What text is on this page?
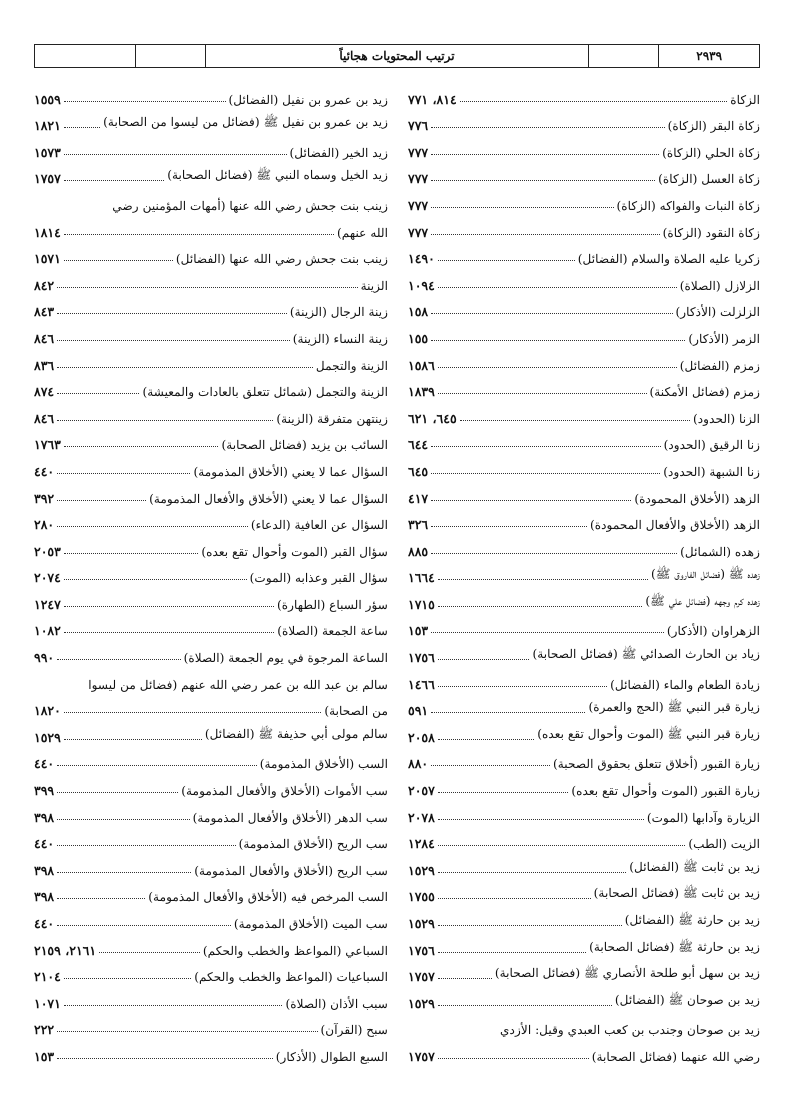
ترتيب المحتويات هجائياً	٢٩٣٩
الزكاة
٨١٤، ٧٧١
زكاة البقر (الزكاة)
٧٧٦
زكاة الحلي (الزكاة)
٧٧٧
زكاة العسل (الزكاة)
٧٧٧
زكاة النبات والفواكه (الزكاة)
٧٧٧
زكاة النقود (الزكاة)
٧٧٧
زكريا عليه الصلاة والسلام (الفضائل)
١٤٩٠
الزلازل (الصلاة)
١٠٩٤
الزلزلت (الأذكار)
١٥٨
الزمر (الأذكار)
١٥٥
زمزم (الفضائل)
١٥٨٦
زمزم (فضائل الأمكنة)
١٨٣٩
الزنا (الحدود)
٦٤٥، ٦٢١
زنا الرقيق (الحدود)
٦٤٤
زنا الشبهة (الحدود)
٦٤٥
الزهد (الأخلاق المحمودة)
٤١٧
الزهد (الأخلاق والأفعال المحمودة)
٣٢٦
زهده (الشمائل)
٨٨٥
زهده ﷺ (فضائل الفاروق ﷺ)
١٦٦٤
زهده كرم وجهه (فضائل علي ﷺ)
١٧١٥
الزهراوان (الأذكار)
١٥٣
زياد بن الحارث الصدائي ﷺ (فضائل الصحابة)
١٧٥٦
زيادة الطعام والماء (الفضائل)
١٤٦٦
زيارة قبر النبي ﷺ (الحج والعمرة)
٥٩١
زيارة قبر النبي ﷺ (الموت وأحوال تقع بعده)
٢٠٥٨
زيارة القبور (أخلاق تتعلق بحقوق الصحبة)
٨٨٠
زيارة القبور (الموت وأحوال تقع بعده)
٢٠٥٧
الزيارة وآدابها (الموت)
٢٠٧٨
الزيت (الطب)
١٢٨٤
زيد بن ثابت ﷺ (الفضائل)
١٥٢٩
زيد بن ثابت ﷺ (فضائل الصحابة)
١٧٥٥
زيد بن حارثة ﷺ (الفضائل)
١٥٢٩
زيد بن حارثة ﷺ (فضائل الصحابة)
١٧٥٦
زيد بن سهل أبو طلحة الأنصاري ﷺ (فضائل الصحابة)
١٧٥٧
زيد بن صوحان ﷺ (الفضائل)
١٥٢٩
زيد بن صوحان وجندب بن كعب العبدي وقيل: الأزدي
رضي الله عنهما (فضائل الصحابة)
١٧٥٧
زيد بن عمرو بن نفيل (الفضائل)
١٥٥٩
زيد بن عمرو بن نفيل ﷺ (فضائل من ليسوا من الصحابة)
١٨٢١
زيد الخير (الفضائل)
١٥٧٣
زيد الخيل وسماه النبي ﷺ (فضائل الصحابة)
١٧٥٧
زينب بنت جحش رضي الله عنها (أمهات المؤمنين رضي
الله عنهم)
١٨١٤
زينب بنت جحش رضي الله عنها (الفضائل)
١٥٧١
الزينة
٨٤٢
زينة الرجال (الزينة)
٨٤٣
زينة النساء (الزينة)
٨٤٦
الزينة والتجمل
٨٣٦
الزينة والتجمل (شمائل تتعلق بالعادات والمعيشة)
٨٧٤
زينتهن متفرقة (الزينة)
٨٤٦
السائب بن يزيد (فضائل الصحابة)
١٧٦٣
السؤال عما لا يعني (الأخلاق المذمومة)
٤٤٠
السؤال عما لا يعني (الأخلاق والأفعال المذمومة)
٣٩٢
السؤال عن العافية (الدعاء)
٢٨٠
سؤال القبر (الموت وأحوال تقع بعده)
٢٠٥٣
سؤال القبر وعذابه (الموت)
٢٠٧٤
سؤر السباع (الطهارة)
١٢٤٧
ساعة الجمعة (الصلاة)
١٠٨٢
الساعة المرجوة في يوم الجمعة (الصلاة)
٩٩٠
سالم بن عبد الله بن عمر رضي الله عنهم (فضائل من ليسوا
من الصحابة)
١٨٢٠
سالم مولى أبي حذيفة ﷺ (الفضائل)
١٥٢٩
السب (الأخلاق المذمومة)
٤٤٠
سب الأموات (الأخلاق والأفعال المذمومة)
٣٩٩
سب الدهر (الأخلاق والأفعال المذمومة)
٣٩٨
سب الريح (الأخلاق المذمومة)
٤٤٠
سب الريح (الأخلاق والأفعال المذمومة)
٣٩٨
السب المرخص فيه (الأخلاق والأفعال المذمومة)
٣٩٨
سب الميت (الأخلاق المذمومة)
٤٤٠
السباعي (المواعظ والخطب والحكم)
٢١٦١، ٢١٥٩
السباعيات (المواعظ والخطب والحكم)
٢١٠٤
سبب الأذان (الصلاة)
١٠٧١
سبح (القرآن)
٢٢٢
السبع الطوال (الأذكار)
١٥٣
